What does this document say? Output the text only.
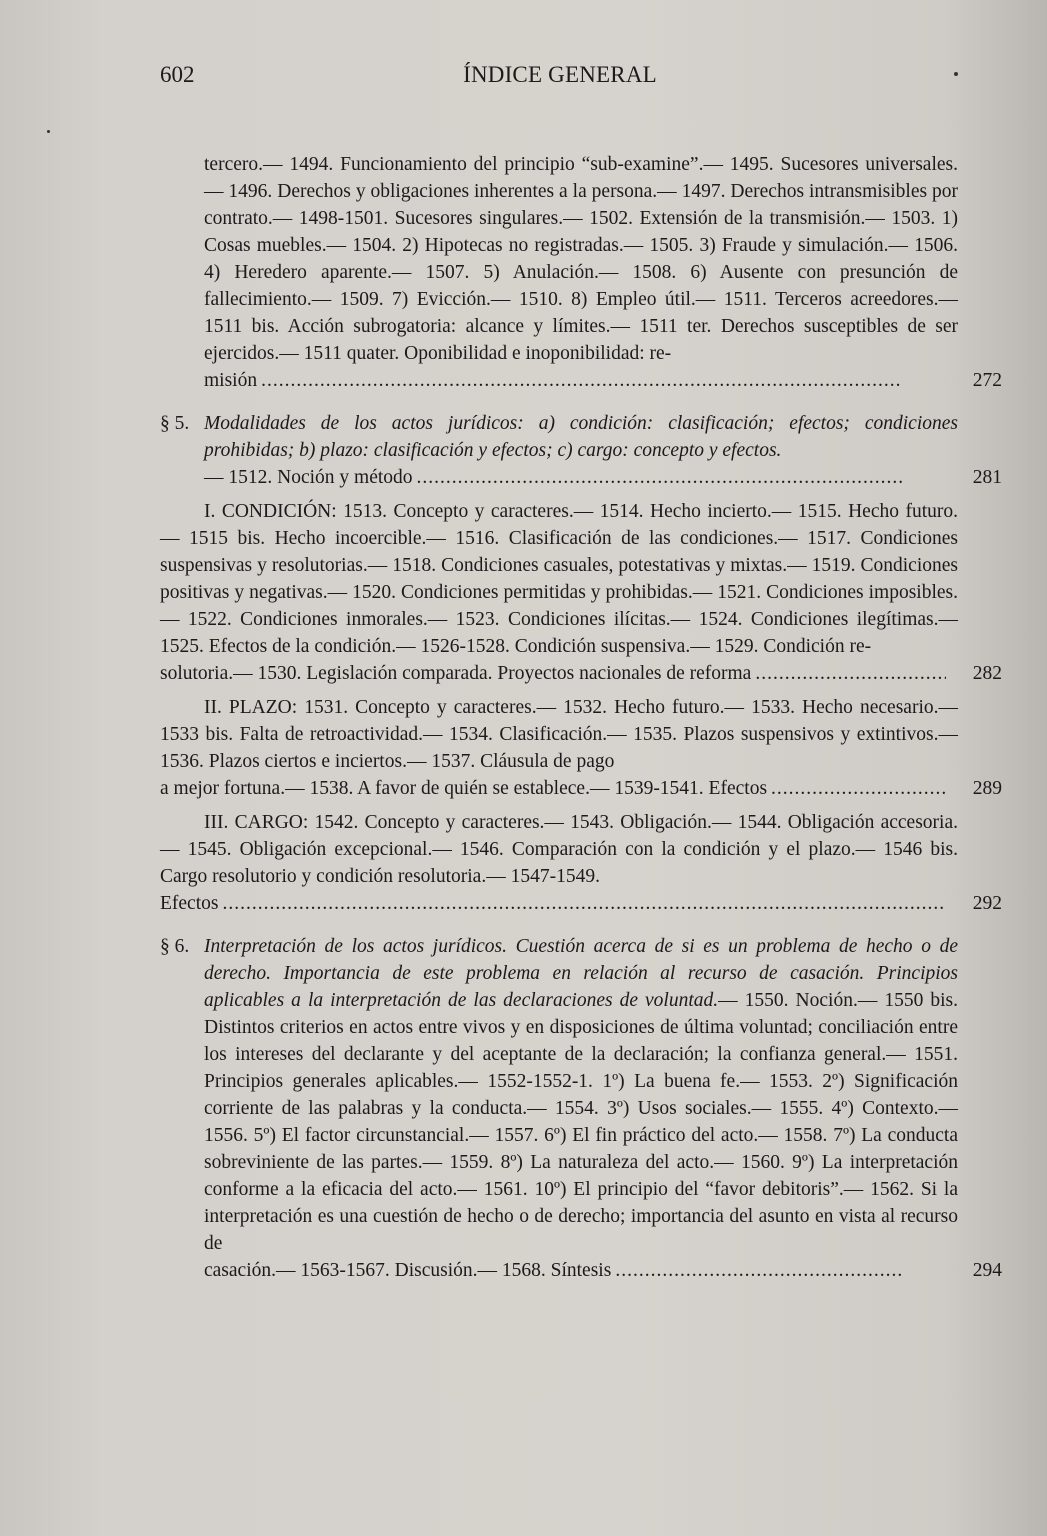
602	ÍNDICE GENERAL
tercero.— 1494. Funcionamiento del principio “sub-examine”.— 1495. Sucesores universales.— 1496. Derechos y obligaciones inherentes a la persona.— 1497. Derechos intransmisibles por contrato.— 1498-1501. Sucesores singulares.— 1502. Extensión de la transmisión.— 1503. 1) Cosas muebles.— 1504. 2) Hipotecas no registradas.— 1505. 3) Fraude y simulación.— 1506. 4) Heredero aparente.— 1507. 5) Anulación.— 1508. 6) Ausente con presunción de fallecimiento.— 1509. 7) Evicción.— 1510. 8) Empleo útil.— 1511. Terceros acreedores.— 1511 bis. Acción subrogatoria: alcance y límites.— 1511 ter. Derechos susceptibles de ser ejercidos.— 1511 quater. Oponibilidad e inoponibilidad: re-
misión .....	272
§ 5. Modalidades de los actos jurídicos: a) condición: clasificación; efectos; condiciones prohibidas; b) plazo: clasificación y efectos; c) cargo: concepto y efectos.
— 1512. Noción y método .....	281
I. CONDICIÓN: 1513. Concepto y caracteres.— 1514. Hecho incierto.— 1515. Hecho futuro.— 1515 bis. Hecho incoercible.— 1516. Clasificación de las condiciones.— 1517. Condiciones suspensivas y resolutorias.— 1518. Condiciones casuales, potestativas y mixtas.— 1519. Condiciones positivas y negativas.— 1520. Condiciones permitidas y prohibidas.— 1521. Condiciones imposibles.— 1522. Condiciones inmorales.— 1523. Condiciones ilícitas.— 1524. Condiciones ilegítimas.— 1525. Efectos de la condición.— 1526-1528. Condición suspensiva.— 1529. Condición re-
solutoria.— 1530. Legislación comparada. Proyectos nacionales de reforma .....	282
II. PLAZO: 1531. Concepto y caracteres.— 1532. Hecho futuro.— 1533. Hecho necesario.— 1533 bis. Falta de retroactividad.— 1534. Clasificación.— 1535. Plazos suspensivos y extintivos.— 1536. Plazos ciertos e inciertos.— 1537. Cláusula de pago
a mejor fortuna.— 1538. A favor de quién se establece.— 1539-1541. Efectos .....	289
III. CARGO: 1542. Concepto y caracteres.— 1543. Obligación.— 1544. Obligación accesoria.— 1545. Obligación excepcional.— 1546. Comparación con la condición y el plazo.— 1546 bis. Cargo resolutorio y condición resolutoria.— 1547-1549.
Efectos .....	292
§ 6. Interpretación de los actos jurídicos. Cuestión acerca de si es un problema de hecho o de derecho. Importancia de este problema en relación al recurso de casación. Principios aplicables a la interpretación de las declaraciones de voluntad.— 1550. Noción.— 1550 bis. Distintos criterios en actos entre vivos y en disposiciones de última voluntad; conciliación entre los intereses del declarante y del aceptante de la declaración; la confianza general.— 1551. Principios generales aplicables.— 1552-1552-1. 1º) La buena fe.— 1553. 2º) Significación corriente de las palabras y la conducta.— 1554. 3º) Usos sociales.— 1555. 4º) Contexto.— 1556. 5º) El factor circunstancial.— 1557. 6º) El fin práctico del acto.— 1558. 7º) La conducta sobreviniente de las partes.— 1559. 8º) La naturaleza del acto.— 1560. 9º) La interpretación conforme a la eficacia del acto.— 1561. 10º) El principio del “favor debitoris”.— 1562. Si la interpretación es una cuestión de hecho o de derecho; importancia del asunto en vista al recurso de
casación.— 1563-1567. Discusión.— 1568. Síntesis .....	294
